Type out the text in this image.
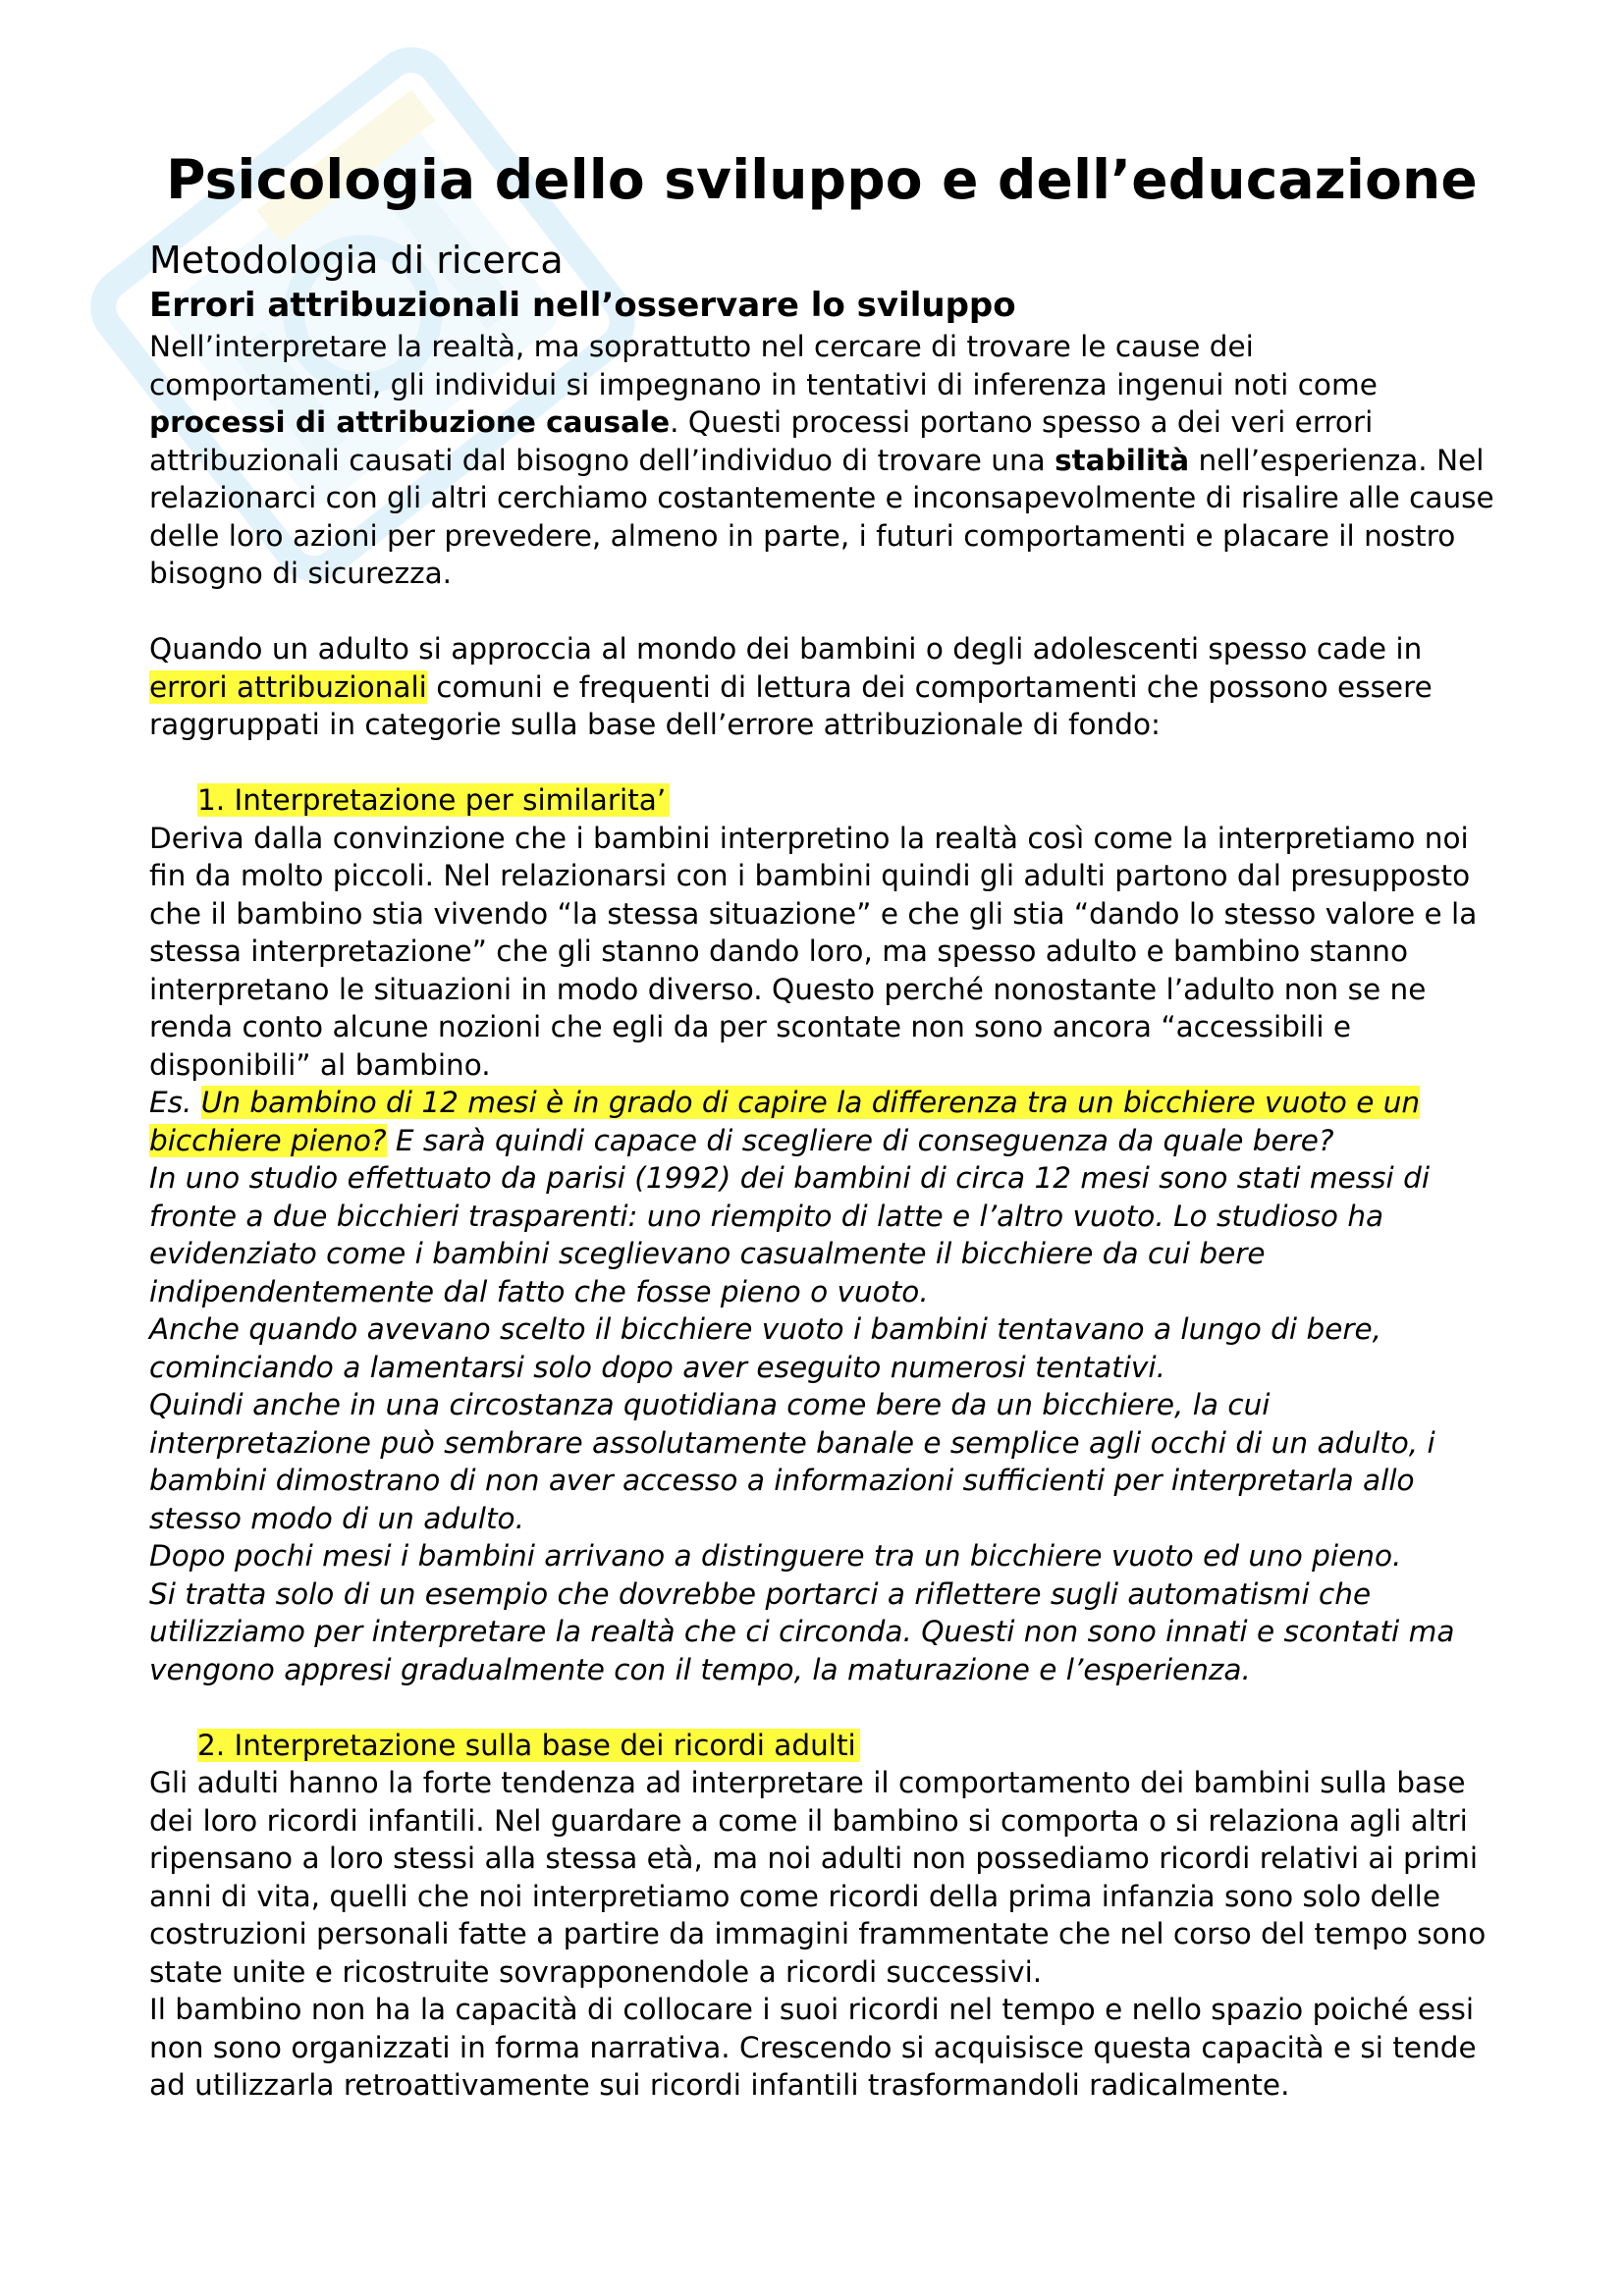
Psicologia dello sviluppo e dell’educazione
Metodologia di ricerca
Errori attribuzionali nell’osservare lo sviluppo

Nell’interpretare la realtà, ma soprattutto nel cercare di trovare le cause dei comportamenti, gli individui si impegnano in tentativi di inferenza ingenui noti come processi di attribuzione causale. Questi processi portano spesso a dei veri errori attribuzionali causati dal bisogno dell’individuo di trovare una stabilità nell’esperienza. Nel relazionarci con gli altri cerchiamo costantemente e inconsapevolmente di risalire alle cause delle loro azioni per prevedere, almeno in parte, i futuri comportamenti e placare il nostro bisogno di sicurezza.

Quando un adulto si approccia al mondo dei bambini o degli adolescenti spesso cade in errori attribuzionali comuni e frequenti di lettura dei comportamenti che possono essere raggruppati in categorie sulla base dell’errore attribuzionale di fondo:

1. Interpretazione per similarita’

Deriva dalla convinzione che i bambini interpretino la realtà così come la interpretiamo noi fin da molto piccoli. Nel relazionarsi con i bambini quindi gli adulti partono dal presupposto che il bambino stia vivendo “la stessa situazione” e che gli stia “dando lo stesso valore e la stessa interpretazione” che gli stanno dando loro, ma spesso adulto e bambino stanno interpretano le situazioni in modo diverso. Questo perché nonostante l’adulto non se ne renda conto alcune nozioni che egli da per scontate non sono ancora “accessibili e disponibili” al bambino.

Es. Un bambino di 12 mesi è in grado di capire la differenza tra un bicchiere vuoto e un bicchiere pieno? E sarà quindi capace di scegliere di conseguenza da quale bere?

In uno studio effettuato da parisi (1992) dei bambini di circa 12 mesi sono stati messi di fronte a due bicchieri trasparenti: uno riempito di latte e l’altro vuoto. Lo studioso ha evidenziato come i bambini sceglievano casualmente il bicchiere da cui bere indipendentemente dal fatto che fosse pieno o vuoto.

Anche quando avevano scelto il bicchiere vuoto i bambini tentavano a lungo di bere, cominciando a lamentarsi solo dopo aver eseguito numerosi tentativi.

Quindi anche in una circostanza quotidiana come bere da un bicchiere, la cui interpretazione può sembrare assolutamente banale e semplice agli occhi di un adulto, i bambini dimostrano di non aver accesso a informazioni sufficienti per interpretarla allo stesso modo di un adulto.

Dopo pochi mesi i bambini arrivano a distinguere tra un bicchiere vuoto ed uno pieno.

Si tratta solo di un esempio che dovrebbe portarci a riflettere sugli automatismi che utilizziamo per interpretare la realtà che ci circonda. Questi non sono innati e scontati ma vengono appresi gradualmente con il tempo, la maturazione e l’esperienza.

2. Interpretazione sulla base dei ricordi adulti

Gli adulti hanno la forte tendenza ad interpretare il comportamento dei bambini sulla base dei loro ricordi infantili. Nel guardare a come il bambino si comporta o si relaziona agli altri ripensano a loro stessi alla stessa età, ma noi adulti non possediamo ricordi relativi ai primi anni di vita, quelli che noi interpretiamo come ricordi della prima infanzia sono solo delle costruzioni personali fatte a partire da immagini frammentate che nel corso del tempo sono state unite e ricostruite sovrapponendole a ricordi successivi.

Il bambino non ha la capacità di collocare i suoi ricordi nel tempo e nello spazio poiché essi non sono organizzati in forma narrativa. Crescendo si acquisisce questa capacità e si tende ad utilizzarla retroattivamente sui ricordi infantili trasformandoli radicalmente.
